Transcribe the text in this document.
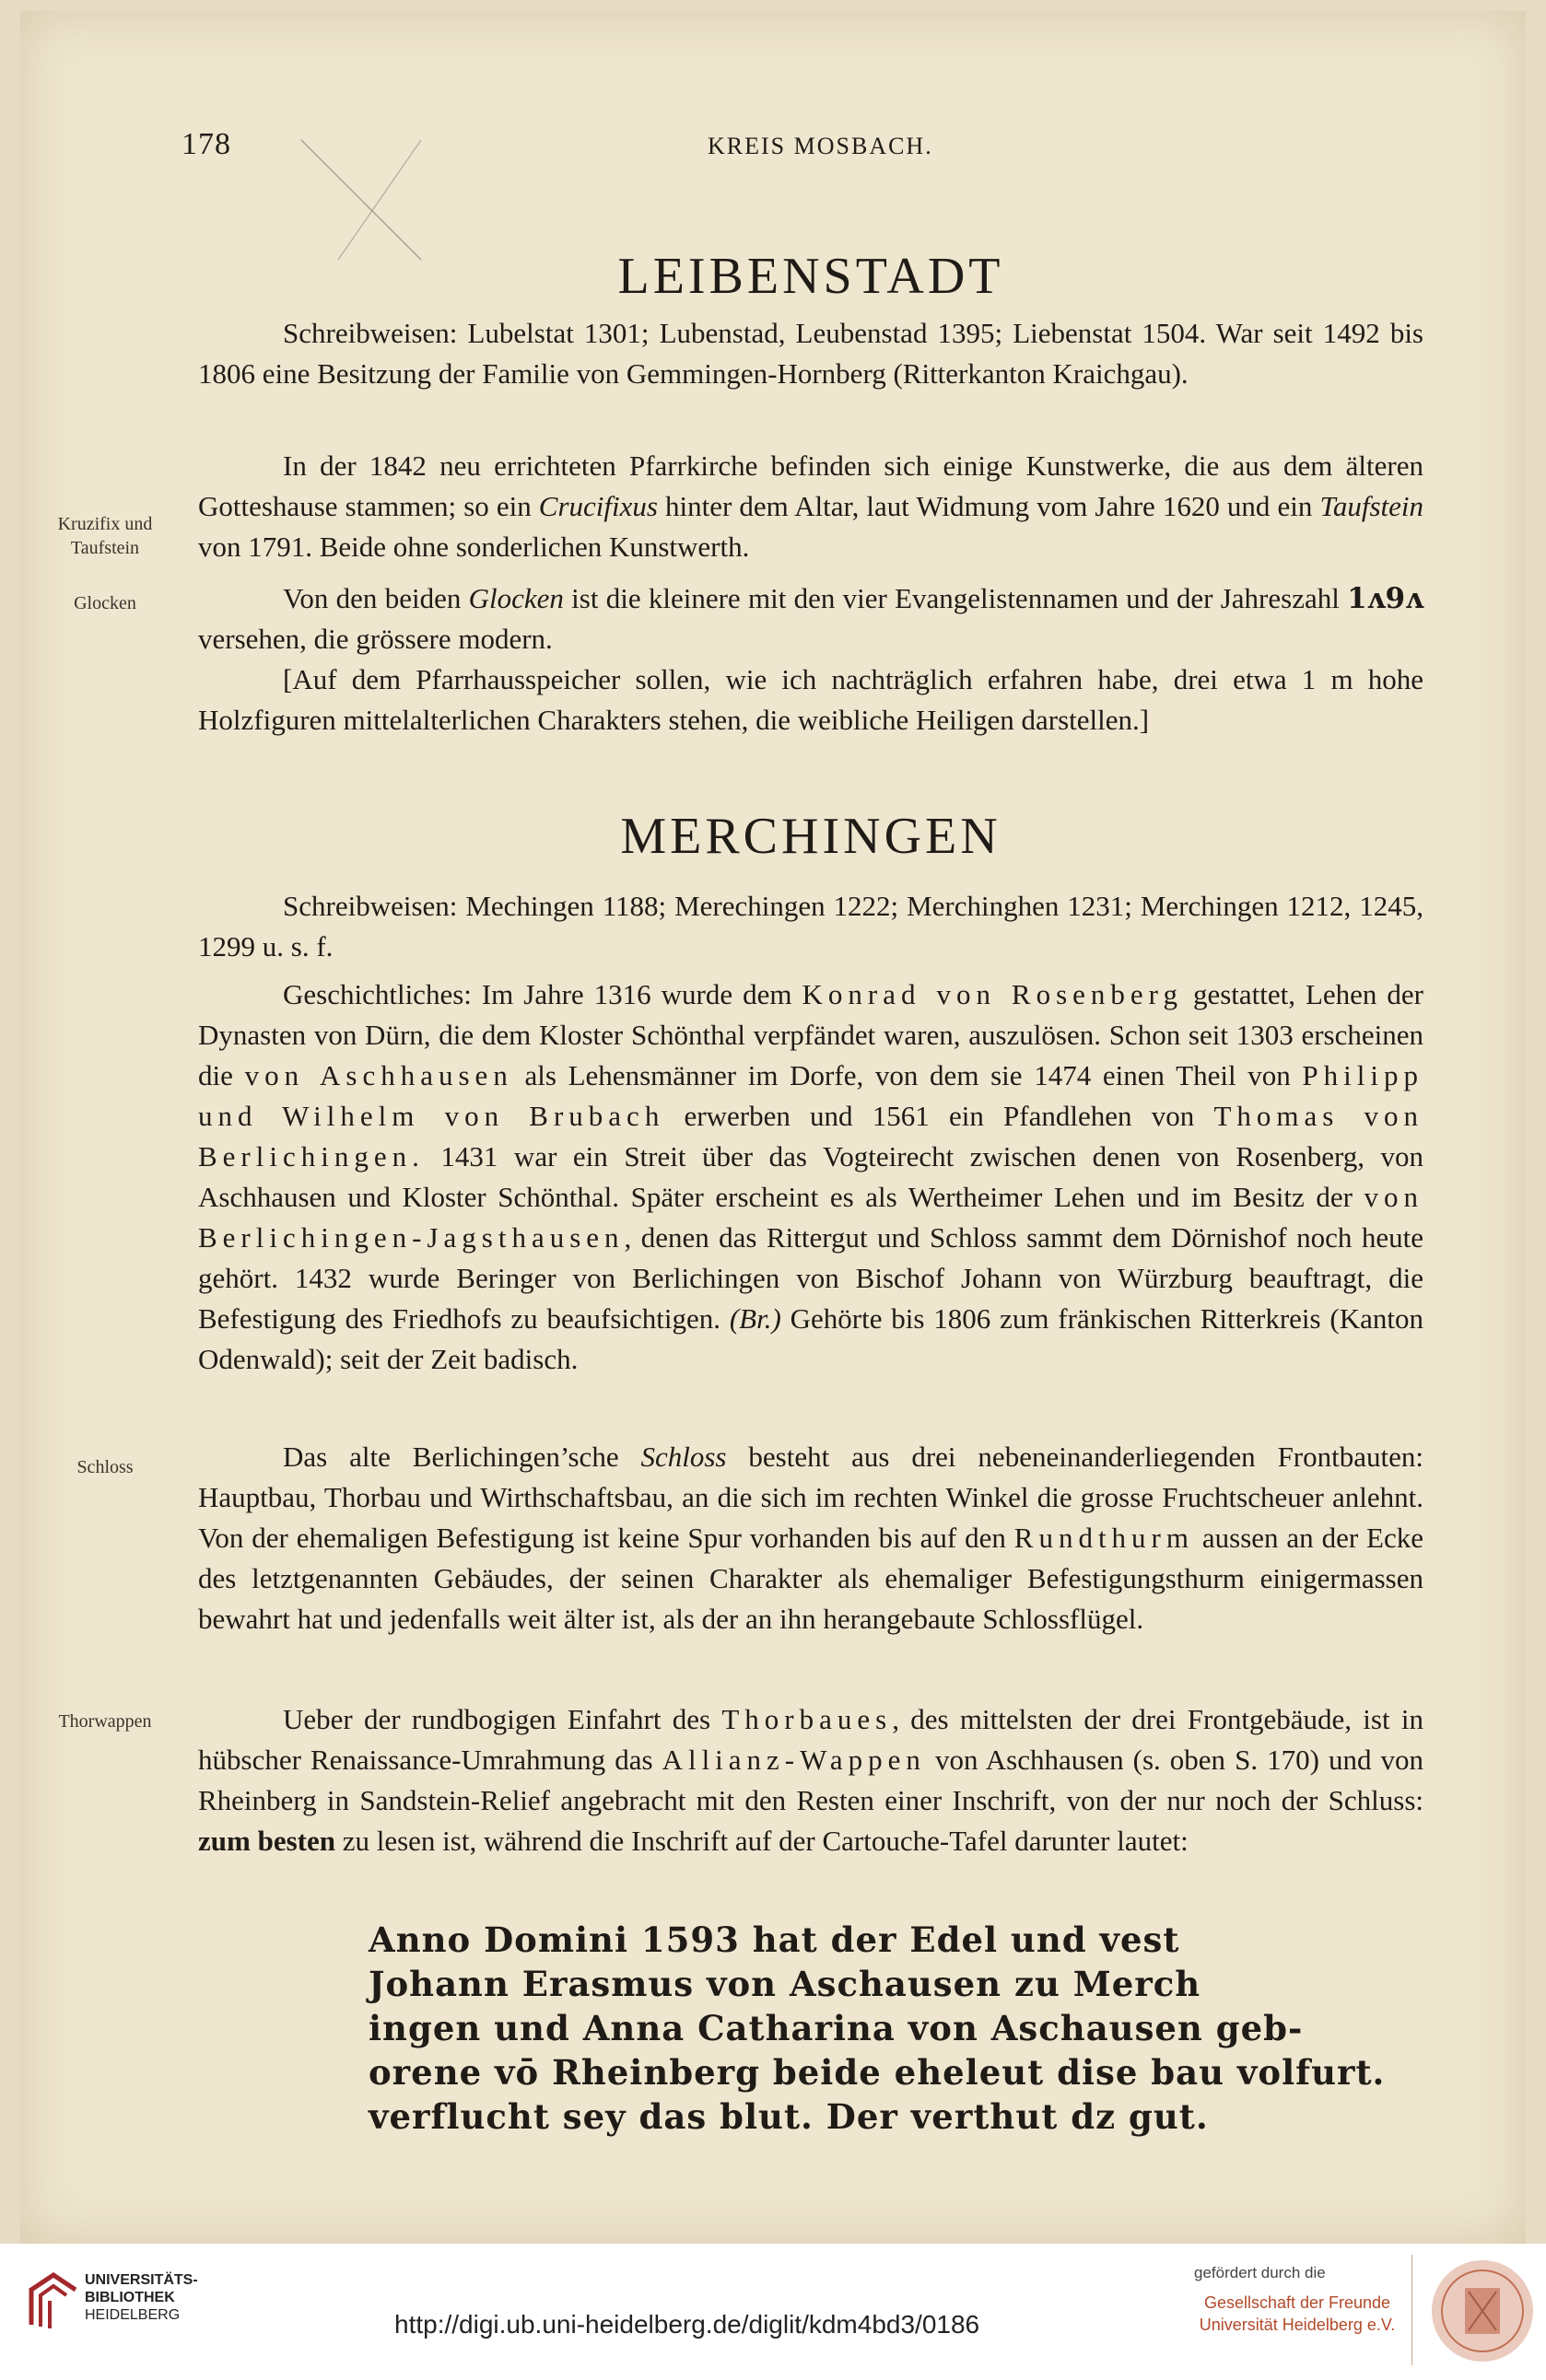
178	KREIS MOSBACH.
LEIBENSTADT

Schreibweisen: Lubelstat 1301; Lubenstad, Leubenstad 1395; Liebenstat 1504. War seit 1492 bis 1806 eine Besitzung der Familie von Gemmingen-Hornberg (Ritterkanton Kraichgau).

In der 1842 neu errichteten Pfarrkirche befinden sich einige Kunstwerke, die aus dem älteren Gotteshause stammen; so ein Crucifixus hinter dem Altar, laut Widmung vom Jahre 1620 und ein Taufstein von 1791. Beide ohne sonderlichen Kunstwerth.

Von den beiden Glocken ist die kleinere mit den vier Evangelistennamen und der Jahreszahl 1ᴧ9ᴧ versehen, die grössere modern.

[Auf dem Pfarrhausspeicher sollen, wie ich nachträglich erfahren habe, drei etwa 1 m hohe Holzfiguren mittelalterlichen Charakters stehen, die weibliche Heiligen darstellen.]

Kruzifix und Taufstein
Glocken
MERCHINGEN

Schreibweisen: Mechingen 1188; Merechingen 1222; Merchinghen 1231; Merchingen 1212, 1245, 1299 u. s. f.

Geschichtliches: Im Jahre 1316 wurde dem Konrad von Rosenberg gestattet, Lehen der Dynasten von Dürn, die dem Kloster Schönthal verpfändet waren, auszulösen. Schon seit 1303 erscheinen die von Aschhausen als Lehensmänner im Dorfe, von dem sie 1474 einen Theil von Philipp und Wilhelm von Brubach erwerben und 1561 ein Pfandlehen von Thomas von Berlichingen. 1431 war ein Streit über das Vogteirecht zwischen denen von Rosenberg, von Aschhausen und Kloster Schönthal. Später erscheint es als Wertheimer Lehen und im Besitz der von Berlichingen-Jagsthausen, denen das Rittergut und Schloss sammt dem Dörnishof noch heute gehört. 1432 wurde Beringer von Berlichingen von Bischof Johann von Würzburg beauftragt, die Befestigung des Friedhofs zu beaufsichtigen. (Br.) Gehörte bis 1806 zum fränkischen Ritterkreis (Kanton Odenwald); seit der Zeit badisch.

Das alte Berlichingen’sche Schloss besteht aus drei nebeneinanderliegenden Frontbauten: Hauptbau, Thorbau und Wirthschaftsbau, an die sich im rechten Winkel die grosse Fruchtscheuer anlehnt. Von der ehemaligen Befestigung ist keine Spur vorhanden bis auf den Rundthurm aussen an der Ecke des letztgenannten Gebäudes, der seinen Charakter als ehemaliger Befestigungsthurm einigermassen bewahrt hat und jedenfalls weit älter ist, als der an ihn herangebaute Schlossflügel.

Ueber der rundbogigen Einfahrt des Thorbaues, des mittelsten der drei Frontgebäude, ist in hübscher Renaissance-Umrahmung das Allianz-Wappen von Aschhausen (s. oben S. 170) und von Rheinberg in Sandstein-Relief angebracht mit den Resten einer Inschrift, von der nur noch der Schluss: zum besten zu lesen ist, während die Inschrift auf der Cartouche-Tafel darunter lautet:

Anno Domini 1593 hat der Edel und vest
Johann Erasmus von Aschausen zu Merch
ingen und Anna Catharina von Aschausen geb-
orene vō Rheinberg beide eheleut dise bau volfurt.
verflucht sey das blut. Der verthut dz gut.
Schloss
Thorwappen
UNIVERSITÄTS-
BIBLIOTHEK
HEIDELBERG	http://digi.ub.uni-heidelberg.de/diglit/kdm4bd3/0186
gefördert durch die
Gesellschaft der Freunde
Universität Heidelberg e.V.
